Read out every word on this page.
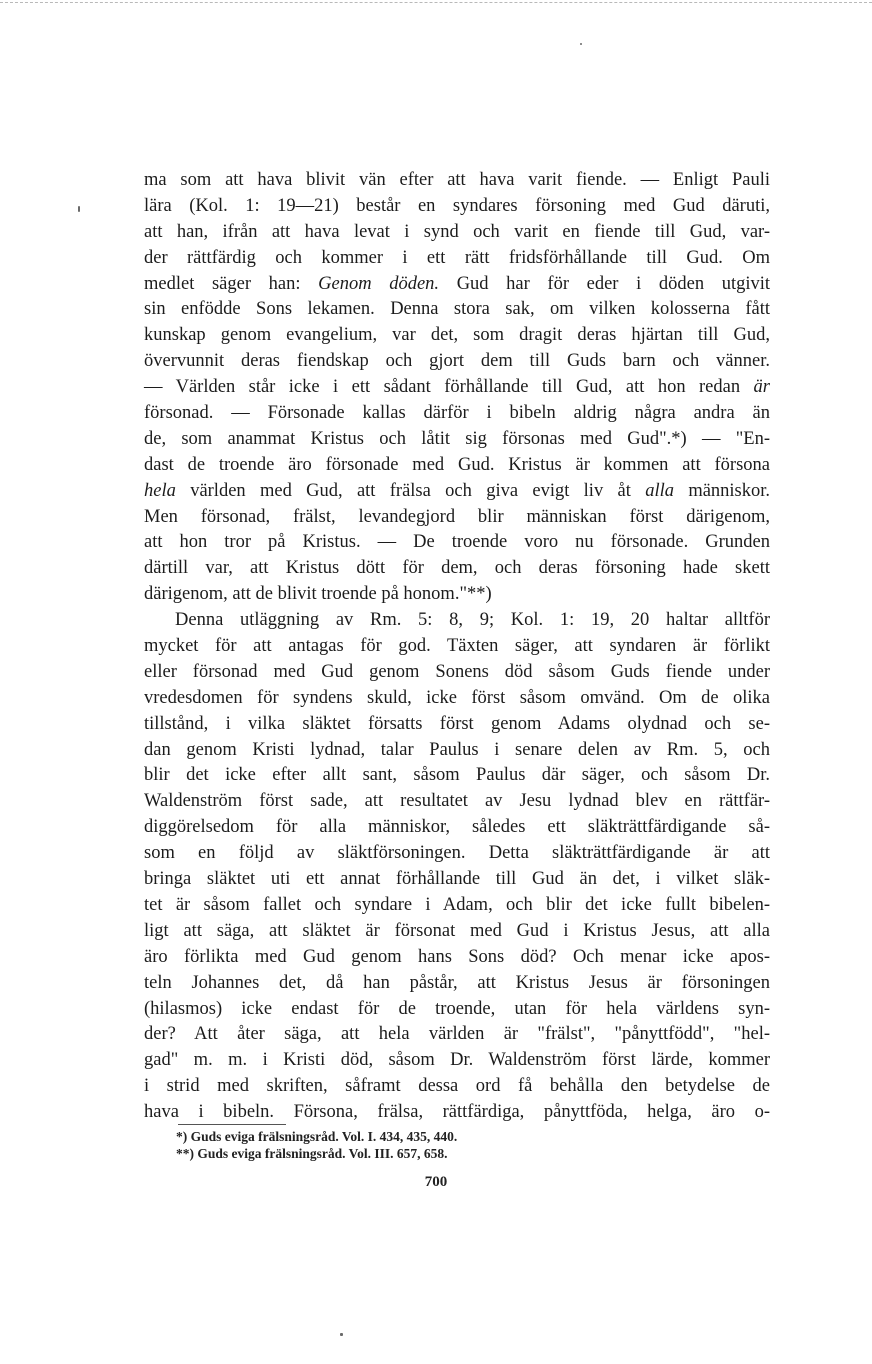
ma som att hava blivit vän efter att hava varit fiende. — Enligt Pauli
lära (Kol. 1: 19—21) består en syndares försoning med Gud däruti,
att han, ifrån att hava levat i synd och varit en fiende till Gud, var-
der rättfärdig och kommer i ett rätt fridsförhållande till Gud. Om
medlet säger han: Genom döden. Gud har för eder i döden utgivit
sin enfödde Sons lekamen. Denna stora sak, om vilken kolosserna fått
kunskap genom evangelium, var det, som dragit deras hjärtan till Gud,
övervunnit deras fiendskap och gjort dem till Guds barn och vänner.
— Världen står icke i ett sådant förhållande till Gud, att hon redan är
försonad. — Försonade kallas därför i bibeln aldrig några andra än
de, som anammat Kristus och låtit sig försonas med Gud".*) — "En-
dast de troende äro försonade med Gud. Kristus är kommen att försona
hela världen med Gud, att frälsa och giva evigt liv åt alla människor.
Men försonad, frälst, levandegjord blir människan först därigenom,
att hon tror på Kristus. — De troende voro nu försonade. Grunden
därtill var, att Kristus dött för dem, och deras försoning hade skett
därigenom, att de blivit troende på honom."**)
Denna utläggning av Rm. 5: 8, 9; Kol. 1: 19, 20 haltar alltför
mycket för att antagas för god. Täxten säger, att syndaren är förlikt
eller försonad med Gud genom Sonens död såsom Guds fiende under
vredesdomen för syndens skuld, icke först såsom omvänd. Om de olika
tillstånd, i vilka släktet försatts först genom Adams olydnad och se-
dan genom Kristi lydnad, talar Paulus i senare delen av Rm. 5, och
blir det icke efter allt sant, såsom Paulus där säger, och såsom Dr.
Waldenström först sade, att resultatet av Jesu lydnad blev en rättfär-
diggörelsedom för alla människor, således ett släkträttfärdigande så-
som en följd av släktförsoningen. Detta släkträttfärdigande är att
bringa släktet uti ett annat förhållande till Gud än det, i vilket släk-
tet är såsom fallet och syndare i Adam, och blir det icke fullt bibelen-
ligt att säga, att släktet är försonat med Gud i Kristus Jesus, att alla
äro förlikta med Gud genom hans Sons död? Och menar icke apos-
teln Johannes det, då han påstår, att Kristus Jesus är försoningen
(hilasmos) icke endast för de troende, utan för hela världens syn-
der? Att åter säga, att hela världen är "frälst", "pånyttfödd", "hel-
gad" m. m. i Kristi död, såsom Dr. Waldenström först lärde, kommer
i strid med skriften, såframt dessa ord få behålla den betydelse de
hava i bibeln. Försona, frälsa, rättfärdiga, pånyttföda, helga, äro o-
*) Guds eviga frälsningsråd. Vol. I. 434, 435, 440.
**) Guds eviga frälsningsråd. Vol. III. 657, 658.
700
